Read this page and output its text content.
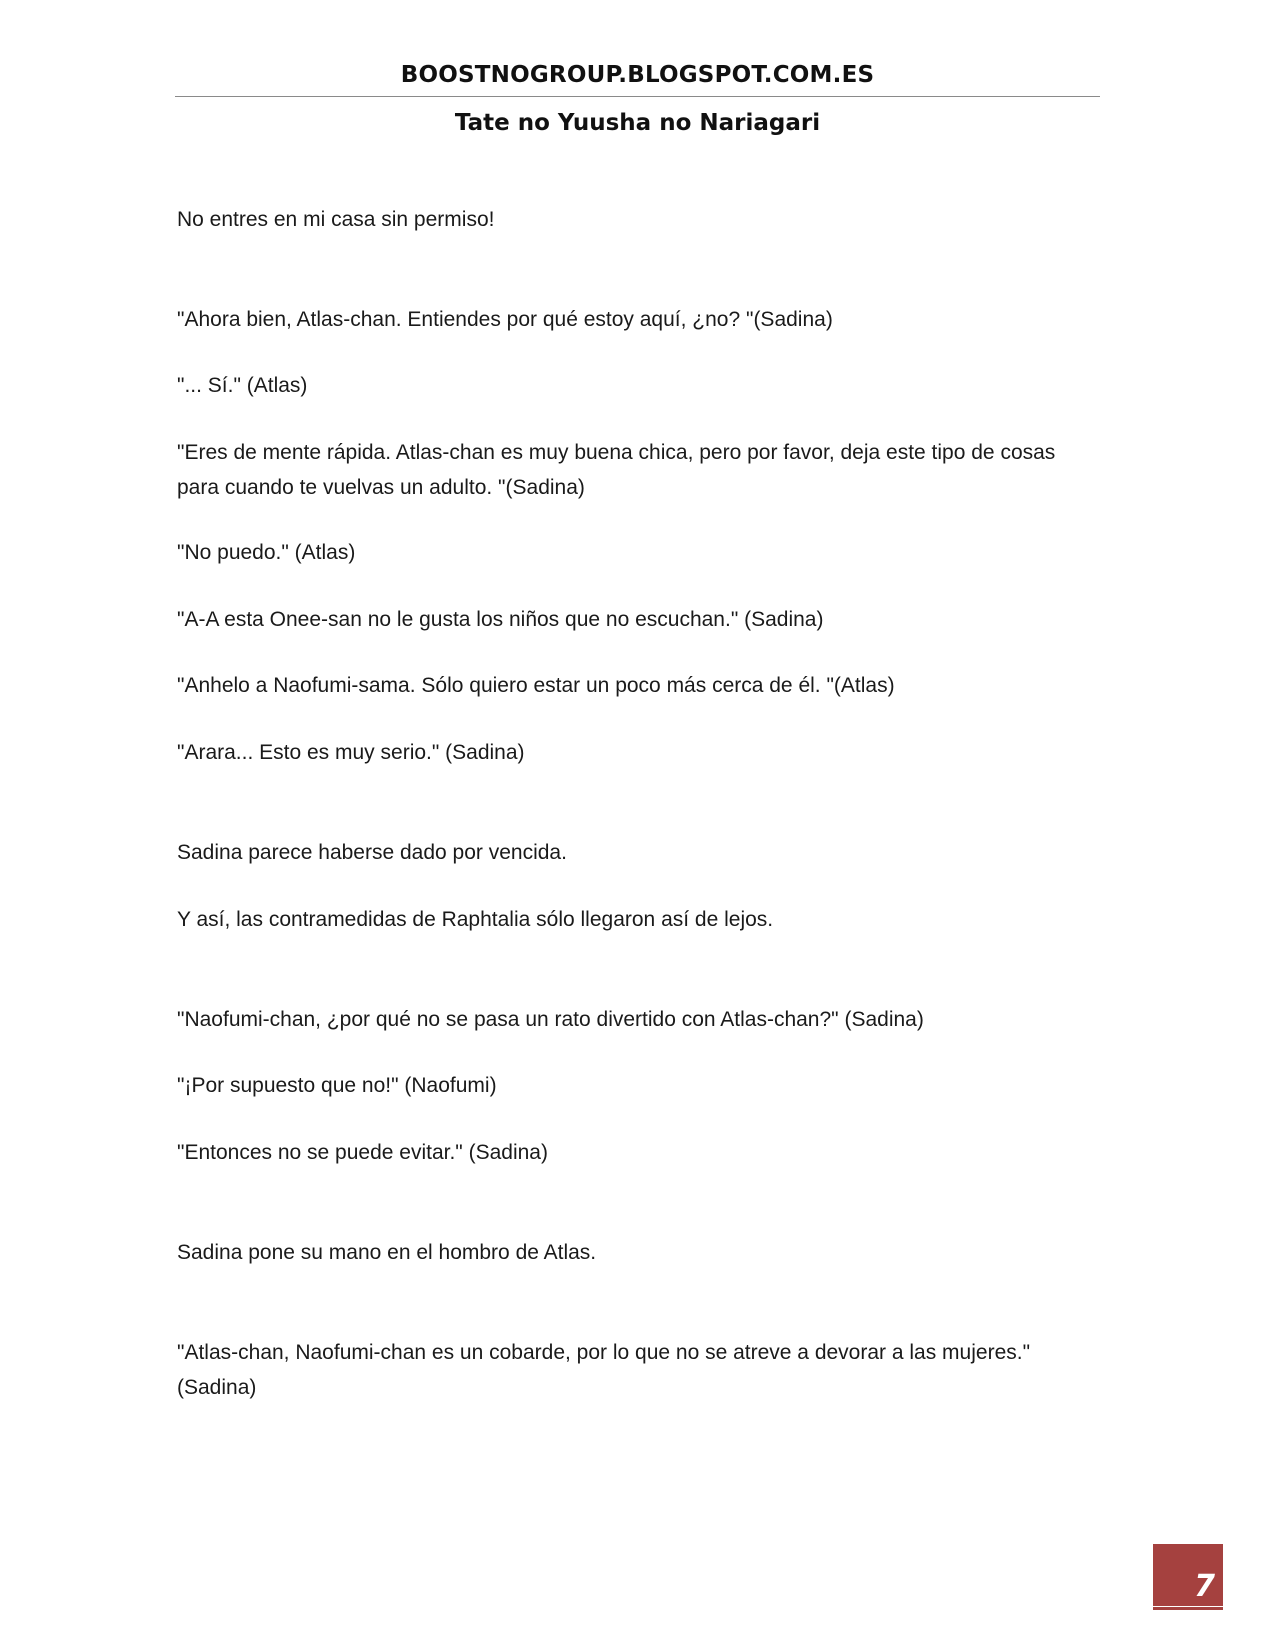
BOOSTNOGROUP.BLOGSPOT.COM.ES
Tate no Yuusha no Nariagari

No entres en mi casa sin permiso!

"Ahora bien, Atlas-chan. Entiendes por qué estoy aquí, ¿no? "(Sadina)

"... Sí." (Atlas)

"Eres de mente rápida. Atlas-chan es muy buena chica, pero por favor, deja este tipo de cosas para cuando te vuelvas un adulto. "(Sadina)

"No puedo." (Atlas)

"A-A esta Onee-san no le gusta los niños que no escuchan." (Sadina)

"Anhelo a Naofumi-sama. Sólo quiero estar un poco más cerca de él. "(Atlas)

"Arara... Esto es muy serio." (Sadina)

Sadina parece haberse dado por vencida.

Y así, las contramedidas de Raphtalia sólo llegaron así de lejos.

"Naofumi-chan, ¿por qué no se pasa un rato divertido con Atlas-chan?" (Sadina)

"¡Por supuesto que no!" (Naofumi)

"Entonces no se puede evitar." (Sadina)

Sadina pone su mano en el hombro de Atlas.

"Atlas-chan, Naofumi-chan es un cobarde, por lo que no se atreve a devorar a las mujeres." (Sadina)

7
